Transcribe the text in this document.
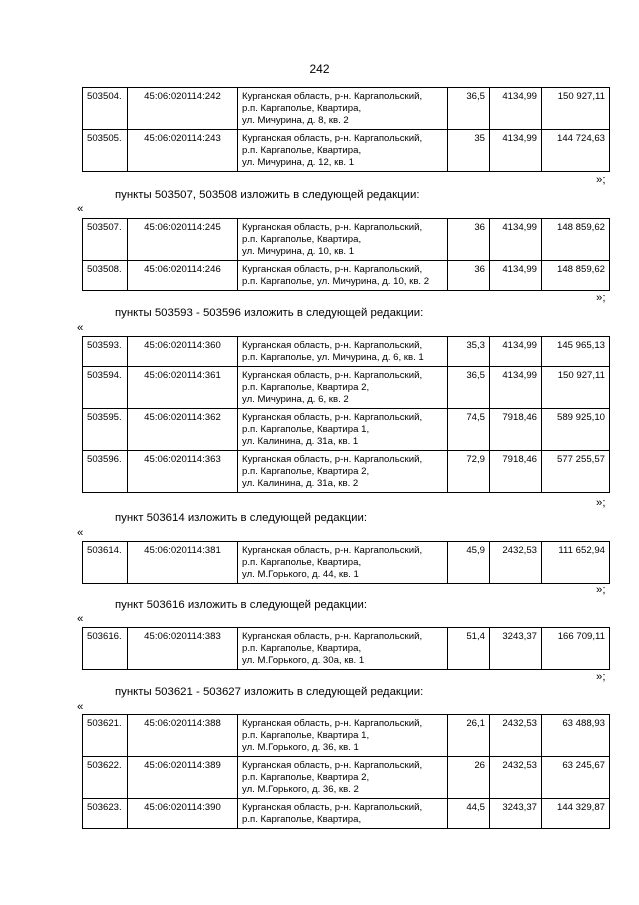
242
503504.	45:06:020114:242	Курганская область, р-н. Каргапольский,
р.п. Каргаполье, Квартира,
ул. Мичурина, д. 8, кв. 2	36,5	4134,99	150 927,11
503505.	45:06:020114:243	Курганская область, р-н. Каргапольский,
р.п. Каргаполье, Квартира,
ул. Мичурина, д. 12, кв. 1	35	4134,99	144 724,63
»;
пункты 503507, 503508 изложить в следующей редакции:
«
503507.	45:06:020114:245	Курганская область, р-н. Каргапольский,
р.п. Каргаполье, Квартира,
ул. Мичурина, д. 10, кв. 1	36	4134,99	148 859,62
503508.	45:06:020114:246	Курганская область, р-н. Каргапольский,
р.п. Каргаполье, ул. Мичурина, д. 10, кв. 2	36	4134,99	148 859,62
»;
пункты 503593 - 503596 изложить в следующей редакции:
«
503593.	45:06:020114:360	Курганская область, р-н. Каргапольский,
р.п. Каргаполье, ул. Мичурина, д. 6, кв. 1	35,3	4134,99	145 965,13
503594.	45:06:020114:361	Курганская область, р-н. Каргапольский,
р.п. Каргаполье, Квартира 2,
ул. Мичурина, д. 6, кв. 2	36,5	4134,99	150 927,11
503595.	45:06:020114:362	Курганская область, р-н. Каргапольский,
р.п. Каргаполье, Квартира 1,
ул. Калинина, д. 31а, кв. 1	74,5	7918,46	589 925,10
503596.	45:06:020114:363	Курганская область, р-н. Каргапольский,
р.п. Каргаполье, Квартира 2,
ул. Калинина, д. 31а, кв. 2	72,9	7918,46	577 255,57
»;
пункт 503614 изложить в следующей редакции:
«
503614.	45:06:020114:381	Курганская область, р-н. Каргапольский,
р.п. Каргаполье, Квартира,
ул. М.Горького, д. 44, кв. 1	45,9	2432,53	111 652,94
»;
пункт 503616 изложить в следующей редакции:
«
503616.	45:06:020114:383	Курганская область, р-н. Каргапольский,
р.п. Каргаполье, Квартира,
ул. М.Горького, д. 30а, кв. 1	51,4	3243,37	166 709,11
»;
пункты 503621 - 503627 изложить в следующей редакции:
«
503621.	45:06:020114:388	Курганская область, р-н. Каргапольский,
р.п. Каргаполье, Квартира 1,
ул. М.Горького, д. 36, кв. 1	26,1	2432,53	63 488,93
503622.	45:06:020114:389	Курганская область, р-н. Каргапольский,
р.п. Каргаполье, Квартира 2,
ул. М.Горького, д. 36, кв. 2	26	2432,53	63 245,67
503623.	45:06:020114:390	Курганская область, р-н. Каргапольский,
р.п. Каргаполье, Квартира,	44,5	3243,37	144 329,87
